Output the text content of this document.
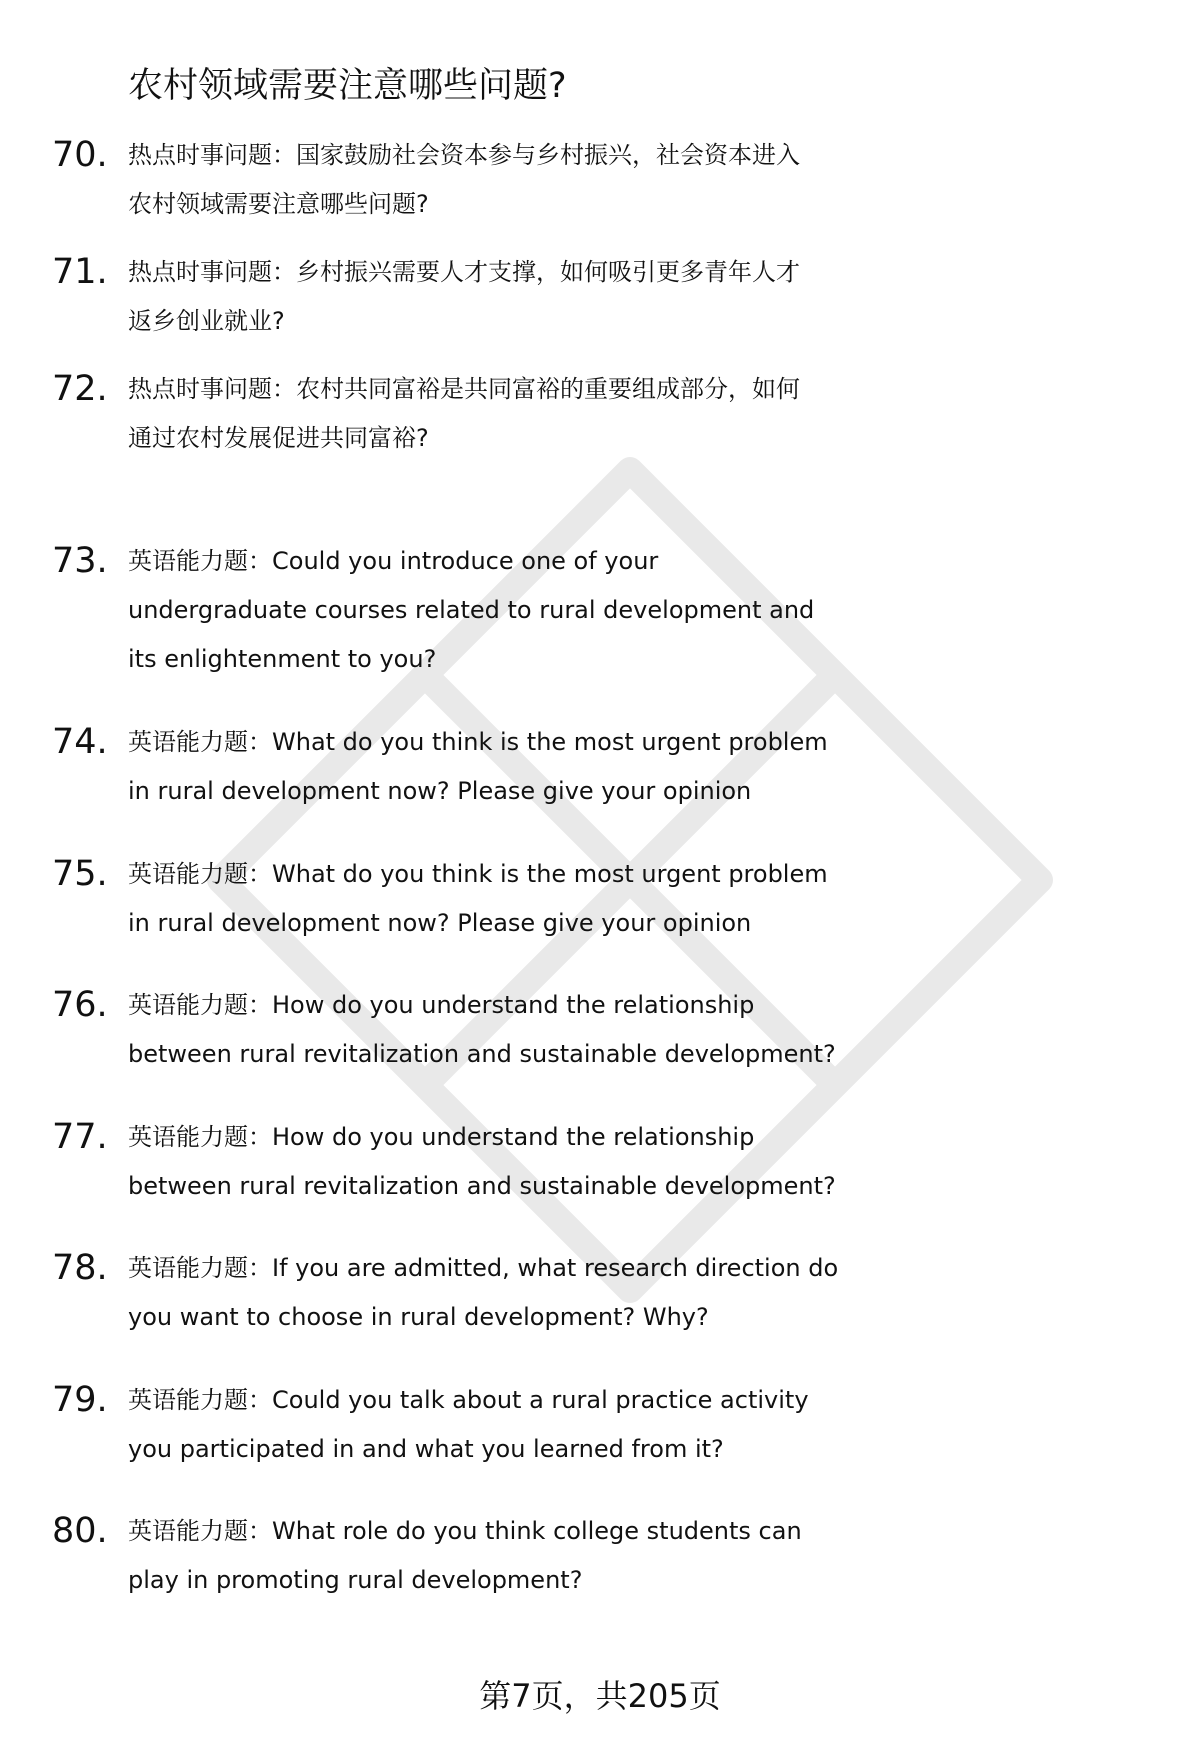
农村领域需要注意哪些问题?
70. 热点时事问题：国家鼓励社会资本参与乡村振兴，社会资本进入
农村领域需要注意哪些问题?
71. 热点时事问题：乡村振兴需要人才支撑，如何吸引更多青年人才
返乡创业就业?
72. 热点时事问题：农村共同富裕是共同富裕的重要组成部分，如何
通过农村发展促进共同富裕?
73. 英语能力题：Could you introduce one of your
undergraduate courses related to rural development and
its enlightenment to you?
74. 英语能力题：What do you think is the most urgent problem
in rural development now? Please give your opinion
75. 英语能力题：What do you think is the most urgent problem
in rural development now? Please give your opinion
76. 英语能力题：How do you understand the relationship
between rural revitalization and sustainable development?
77. 英语能力题：How do you understand the relationship
between rural revitalization and sustainable development?
78. 英语能力题：If you are admitted, what research direction do
you want to choose in rural development? Why?
79. 英语能力题：Could you talk about a rural practice activity
you participated in and what you learned from it?
80. 英语能力题：What role do you think college students can
play in promoting rural development?
第7页，共205页
